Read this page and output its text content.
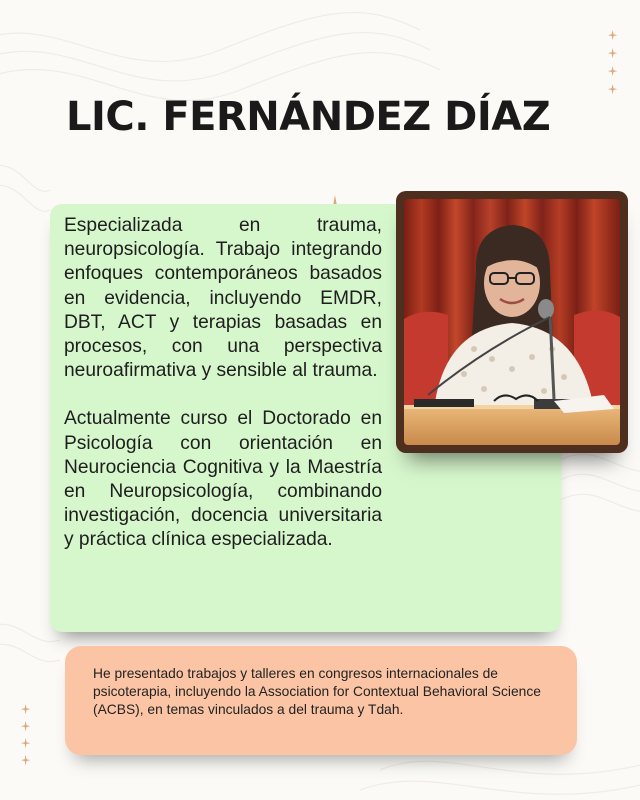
LIC. FERNÁNDEZ DÍAZ

Especializada en trauma, neuropsicología. Trabajo integrando enfoques contemporáneos basados en evidencia, incluyendo EMDR, DBT, ACT y terapias basadas en procesos, con una perspectiva neuroafirmativa y sensible al trauma.

Actualmente curso el Doctorado en Psicología con orientación en Neurociencia Cognitiva y la Maestría en Neuropsicología, combinando investigación, docencia universitaria y práctica clínica especializada.

He presentado trabajos y talleres en congresos internacionales de psicoterapia, incluyendo la Association for Contextual Behavioral Science (ACBS), en temas vinculados a del trauma y Tdah.
